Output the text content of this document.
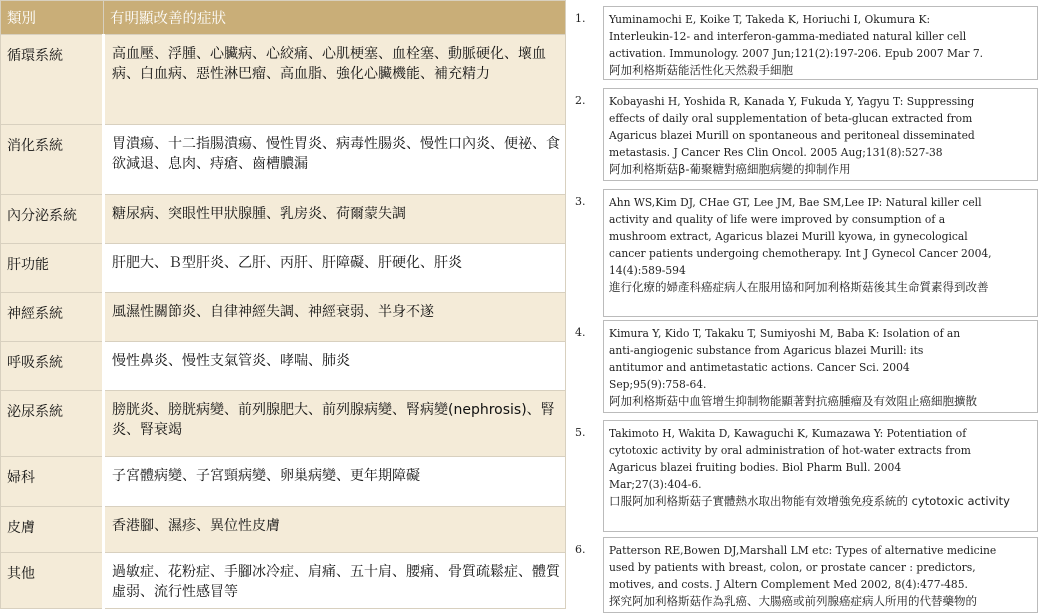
類別	有明顯改善的症狀
循環系統	高血壓、浮腫、心臟病、心絞痛、心肌梗塞、血栓塞、動脈硬化、壞血病、白血病、惡性淋巴瘤、高血脂、強化心臟機能、補充精力
消化系統	胃潰瘍、十二指腸潰瘍、慢性胃炎、病毒性腸炎、慢性口內炎、便祕、食欲減退、息肉、痔瘡、齒槽膿漏
內分泌系統	糖尿病、突眼性甲狀腺腫、乳房炎、荷爾蒙失調
肝功能	肝肥大、Ｂ型肝炎、乙肝、丙肝、肝障礙、肝硬化、肝炎
神經系統	風濕性關節炎、自律神經失調、神經衰弱、半身不遂
呼吸系統	慢性鼻炎、慢性支氣管炎、哮喘、肺炎
泌尿系統	膀胱炎、膀胱病變、前列腺肥大、前列腺病變、腎病變(nephrosis)、腎炎、腎衰竭
婦科	子宮體病變、子宮頸病變、卵巢病變、更年期障礙
皮膚	香港腳、濕疹、異位性皮膚
其他	過敏症、花粉症、手腳冰冷症、肩痛、五十肩、腰痛、骨質疏鬆症、體質虛弱、流行性感冒等
1. Yuminamochi E, Koike T, Takeda K, Horiuchi I, Okumura K:
Interleukin-12- and interferon-gamma-mediated natural killer cell
activation. Immunology. 2007 Jun;121(2):197-206. Epub 2007 Mar 7.
阿加利格斯菇能活性化天然殺手細胞
2. Kobayashi H, Yoshida R, Kanada Y, Fukuda Y, Yagyu T: Suppressing
effects of daily oral supplementation of beta-glucan extracted from
Agaricus blazei Murill on spontaneous and peritoneal disseminated
metastasis. J Cancer Res Clin Oncol. 2005 Aug;131(8):527-38
阿加利格斯菇β-葡聚糖對癌細胞病變的抑制作用
3. Ahn WS,Kim DJ, CHae GT, Lee JM, Bae SM,Lee IP: Natural killer cell
activity and quality of life were improved by consumption of a
mushroom extract, Agaricus blazei Murill kyowa, in gynecological
cancer patients undergoing chemotherapy. Int J Gynecol Cancer 2004,
14(4):589-594
進行化療的婦產科癌症病人在服用協和阿加利格斯菇後其生命質素得到改善
4. Kimura Y, Kido T, Takaku T, Sumiyoshi M, Baba K: Isolation of an
anti-angiogenic substance from Agaricus blazei Murill: its
antitumor and antimetastatic actions. Cancer Sci. 2004
Sep;95(9):758-64.
阿加利格斯菇中血管增生抑制物能顯著對抗癌腫瘤及有效阻止癌細胞擴散
5. Takimoto H, Wakita D, Kawaguchi K, Kumazawa Y: Potentiation of
cytotoxic activity by oral administration of hot-water extracts from
Agaricus blazei fruiting bodies. Biol Pharm Bull. 2004
Mar;27(3):404-6.
口服阿加利格斯菇子實體熱水取出物能有效增強免疫系統的 cytotoxic activity
6. Patterson RE,Bowen DJ,Marshall LM etc: Types of alternative medicine
used by patients with breast, colon, or prostate cancer : predictors,
motives, and costs. J Altern Complement Med 2002, 8(4):477-485.
探究阿加利格斯菇作為乳癌、大腸癌或前列腺癌症病人所用的代替藥物的
